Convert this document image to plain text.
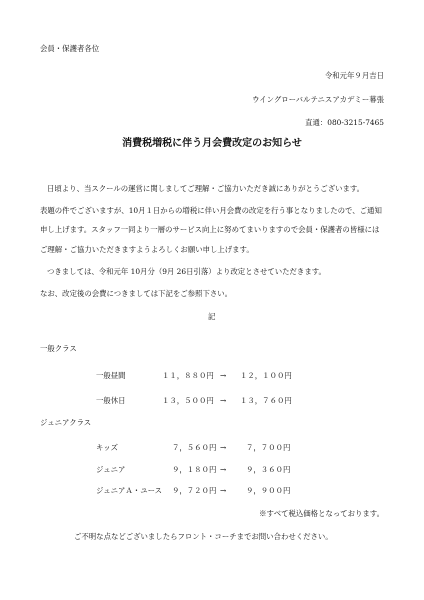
会員・保護者各位
令和元年９月吉日
ウイングローバルテニスアカデミー幕張
直通：080-3215-7465
消費税増税に伴う月会費改定のお知らせ
日頃より、当スクールの運営に関しましてご理解・ご協力いただき誠にありがとうございます。
表題の件でございますが、10月１日からの増税に伴い月会費の改定を行う事となりましたので、ご通知
申し上げます。スタッフ一同より一層のサービス向上に努めてまいりますので会員・保護者の皆様には
ご理解・ご協力いただきますようよろしくお願い申し上げます。
つきましては、令和元年 10月分（9月 26日引落）より改定とさせていただきます。
なお、改定後の会費につきましては下記をご参照下さい。
記
一般クラス
一般昼間	１１，８８０円 → １２，１００円
一般休日	１３，５００円 → １３，７６０円
ジュニアクラス
キッズ	７，５６０円 →	７，７００円
ジュニア	９，１８０円 →	９，３６０円
ジュニアＡ・ユース ９，７２０円 →	９，９００円
※すべて税込価格となっております。
ご不明な点などございましたらフロント・コーチまでお問い合わせください。
